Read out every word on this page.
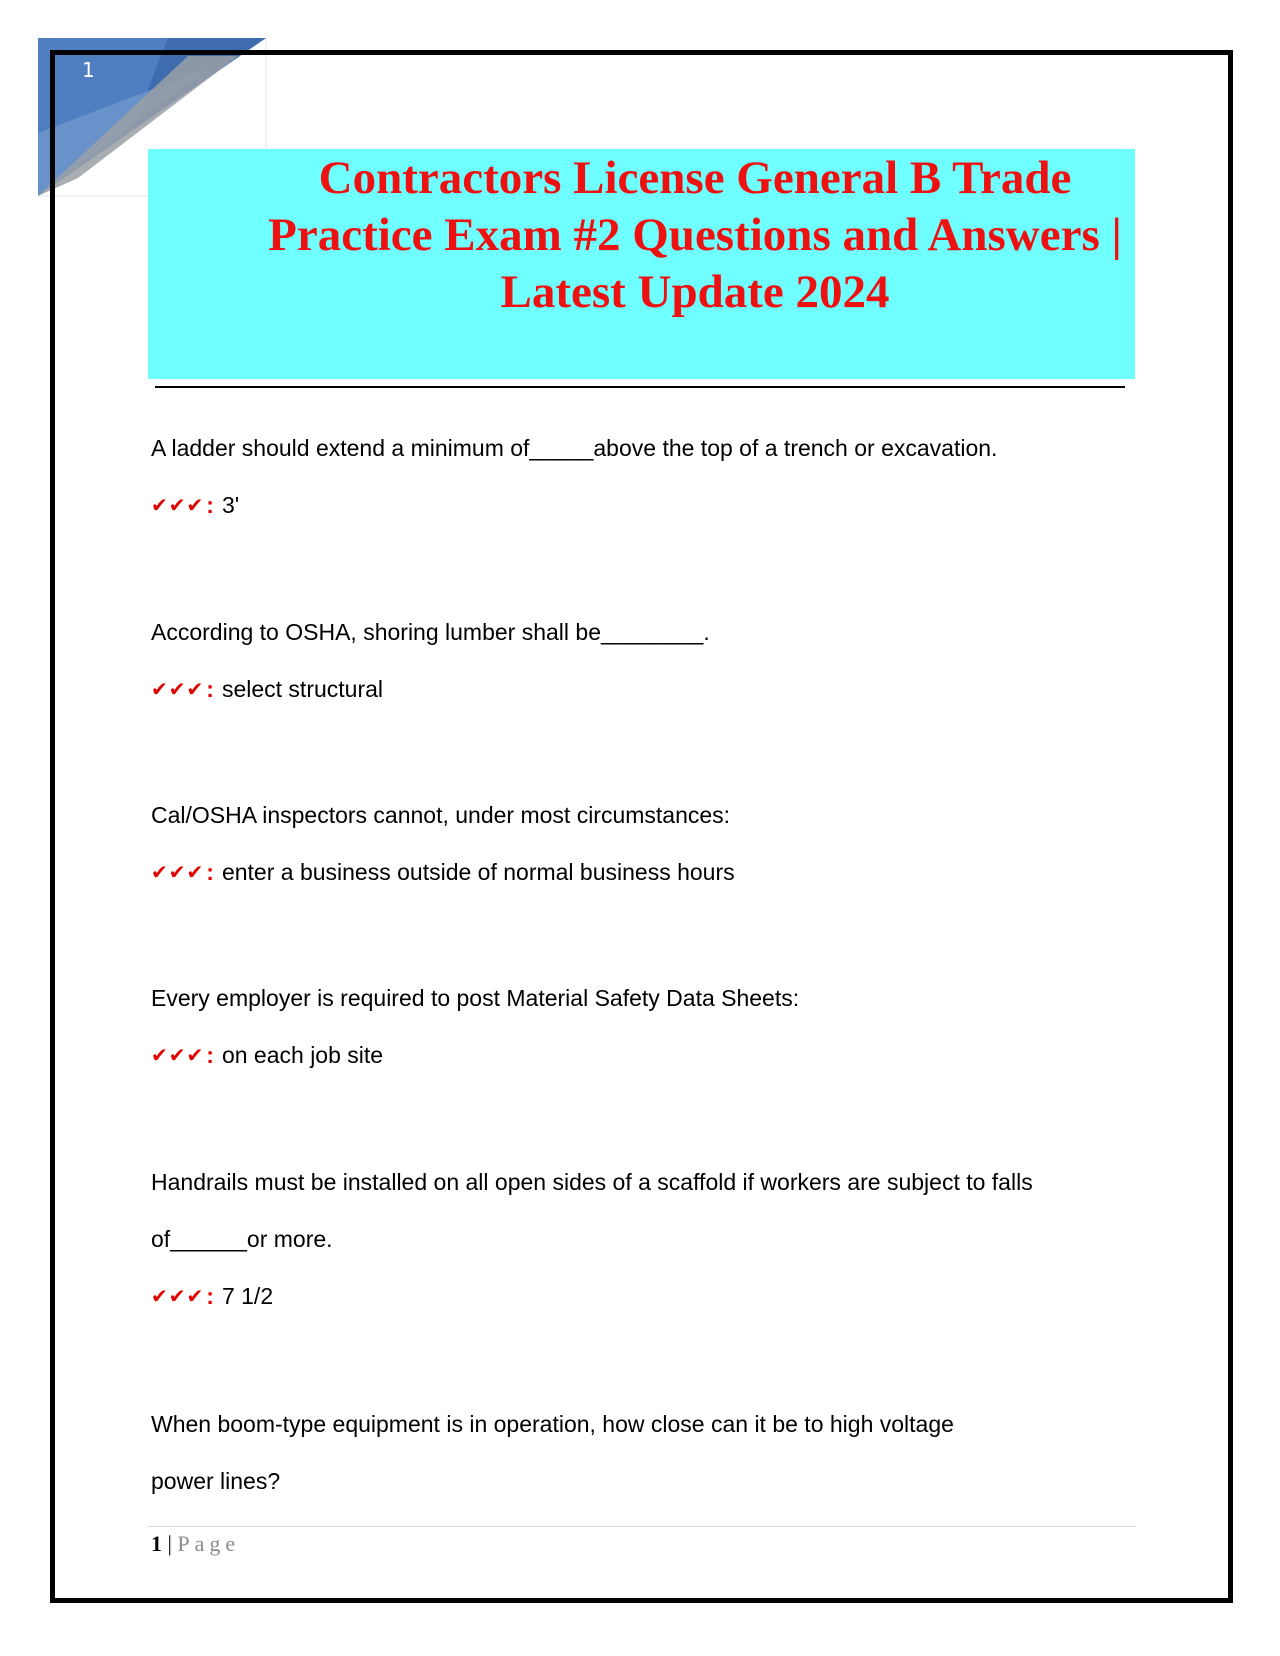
1
Contractors License General B Trade Practice Exam #2 Questions and Answers | Latest Update 2024
A ladder should extend a minimum of_____above the top of a trench or excavation.
✔✔✔ : 3'
According to OSHA, shoring lumber shall be________.
✔✔✔ : select structural
Cal/OSHA inspectors cannot, under most circumstances:
✔✔✔ : enter a business outside of normal business hours
Every employer is required to post Material Safety Data Sheets:
✔✔✔ : on each job site
Handrails must be installed on all open sides of a scaffold if workers are subject to falls
of______or more.
✔✔✔ : 7 1/2
When boom-type equipment is in operation, how close can it be to high voltage
power lines?
1 | Page
